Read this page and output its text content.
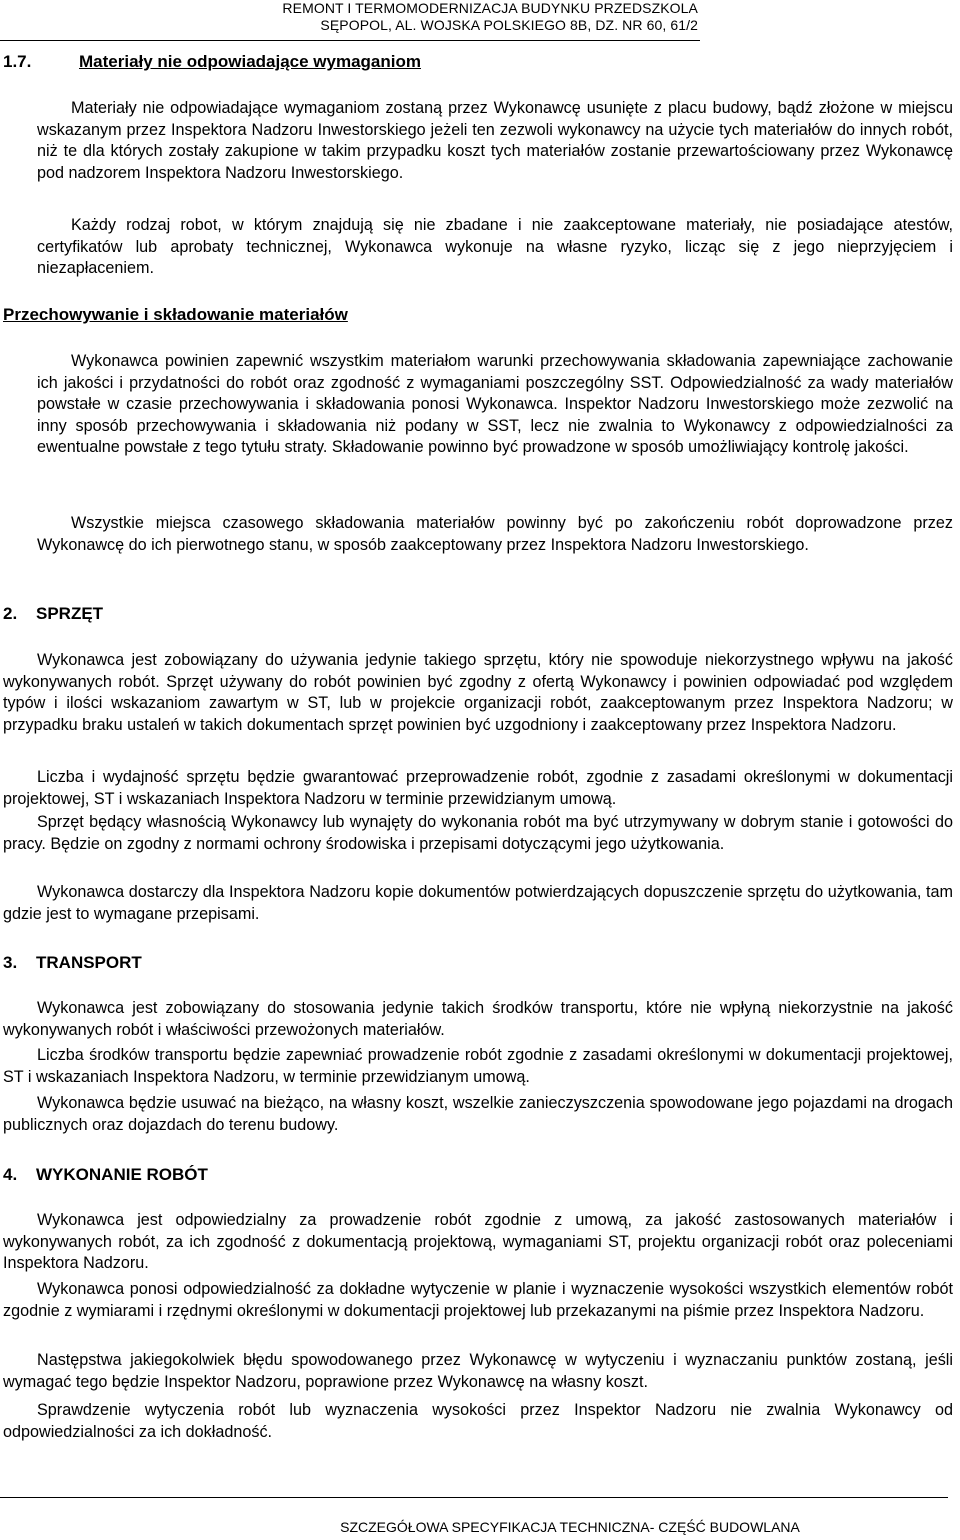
REMONT I TERMOMODERNIZACJA BUDYNKU PRZEDSZKOLA
SĘPOPOL, AL. WOJSKA POLSKIEGO 8B, DZ. NR 60, 61/2
1.7.	Materiały nie odpowiadające wymaganiom

Materiały nie odpowiadające wymaganiom zostaną przez Wykonawcę usunięte z placu budowy, bądź złożone w miejscu wskazanym przez Inspektora Nadzoru Inwestorskiego jeżeli ten zezwoli wykonawcy na użycie tych materiałów do innych robót, niż te dla których zostały zakupione w takim przypadku koszt tych materiałów zostanie przewartościowany przez Wykonawcę pod nadzorem Inspektora Nadzoru Inwestorskiego.

Każdy rodzaj robot, w którym znajdują się nie zbadane i nie zaakceptowane materiały, nie posiadające atestów, certyfikatów lub aprobaty technicznej, Wykonawca wykonuje na własne ryzyko, licząc się z jego nieprzyjęciem i niezapłaceniem.

Przechowywanie i składowanie materiałów

Wykonawca powinien zapewnić wszystkim materiałom warunki przechowywania składowania zapewniające zachowanie ich jakości i przydatności do robót oraz zgodność z wymaganiami poszczególny SST. Odpowiedzialność za wady materiałów powstałe w czasie przechowywania i składowania ponosi Wykonawca. Inspektor Nadzoru Inwestorskiego może zezwolić na inny sposób przechowywania i składowania niż podany w SST, lecz nie zwalnia to Wykonawcy z odpowiedzialności za ewentualne powstałe z tego tytułu straty. Składowanie powinno być prowadzone w sposób umożliwiający kontrolę jakości.

Wszystkie miejsca czasowego składowania materiałów powinny być po zakończeniu robót doprowadzone przez Wykonawcę do ich pierwotnego stanu, w sposób zaakceptowany przez Inspektora Nadzoru Inwestorskiego.

2. SPRZĘT

Wykonawca jest zobowiązany do używania jedynie takiego sprzętu, który nie spowoduje niekorzystnego wpływu na jakość wykonywanych robót. Sprzęt używany do robót powinien być zgodny z ofertą Wykonawcy i powinien odpowiadać pod względem typów i ilości wskazaniom zawartym w ST, lub w projekcie organizacji robót, zaakceptowanym przez Inspektora Nadzoru; w przypadku braku ustaleń w takich dokumentach sprzęt powinien być uzgodniony i zaakceptowany przez Inspektora Nadzoru.

Liczba i wydajność sprzętu będzie gwarantować przeprowadzenie robót, zgodnie z zasadami określonymi w dokumentacji projektowej, ST i wskazaniach Inspektora Nadzoru w terminie przewidzianym umową.

Sprzęt będący własnością Wykonawcy lub wynajęty do wykonania robót ma być utrzymywany w dobrym stanie i gotowości do pracy. Będzie on zgodny z normami ochrony środowiska i przepisami dotyczącymi jego użytkowania.

Wykonawca dostarczy dla Inspektora Nadzoru kopie dokumentów potwierdzających dopuszczenie sprzętu do użytkowania, tam gdzie jest to wymagane przepisami.

3. TRANSPORT

Wykonawca jest zobowiązany do stosowania jedynie takich środków transportu, które nie wpłyną niekorzystnie na jakość wykonywanych robót i właściwości przewożonych materiałów.

Liczba środków transportu będzie zapewniać prowadzenie robót zgodnie z zasadami określonymi w dokumentacji projektowej, ST i wskazaniach Inspektora Nadzoru, w terminie przewidzianym umową.

Wykonawca będzie usuwać na bieżąco, na własny koszt, wszelkie zanieczyszczenia spowodowane jego pojazdami na drogach publicznych oraz dojazdach do terenu budowy.

4. WYKONANIE ROBÓT

Wykonawca jest odpowiedzialny za prowadzenie robót zgodnie z umową, za jakość zastosowanych materiałów i wykonywanych robót, za ich zgodność z dokumentacją projektową, wymaganiami ST, projektu organizacji robót oraz poleceniami Inspektora Nadzoru.

Wykonawca ponosi odpowiedzialność za dokładne wytyczenie w planie i wyznaczenie wysokości wszystkich elementów robót zgodnie z wymiarami i rzędnymi określonymi w dokumentacji projektowej lub przekazanymi na piśmie przez Inspektora Nadzoru.

Następstwa jakiegokolwiek błędu spowodowanego przez Wykonawcę w wytyczeniu i wyznaczaniu punktów zostaną, jeśli wymagać tego będzie Inspektor Nadzoru, poprawione przez Wykonawcę na własny koszt.

Sprawdzenie wytyczenia robót lub wyznaczenia wysokości przez Inspektor Nadzoru nie zwalnia Wykonawcy od odpowiedzialności za ich dokładność.

SZCZEGÓŁOWA SPECYFIKACJA TECHNICZNA- CZĘŚĆ BUDOWLANA
